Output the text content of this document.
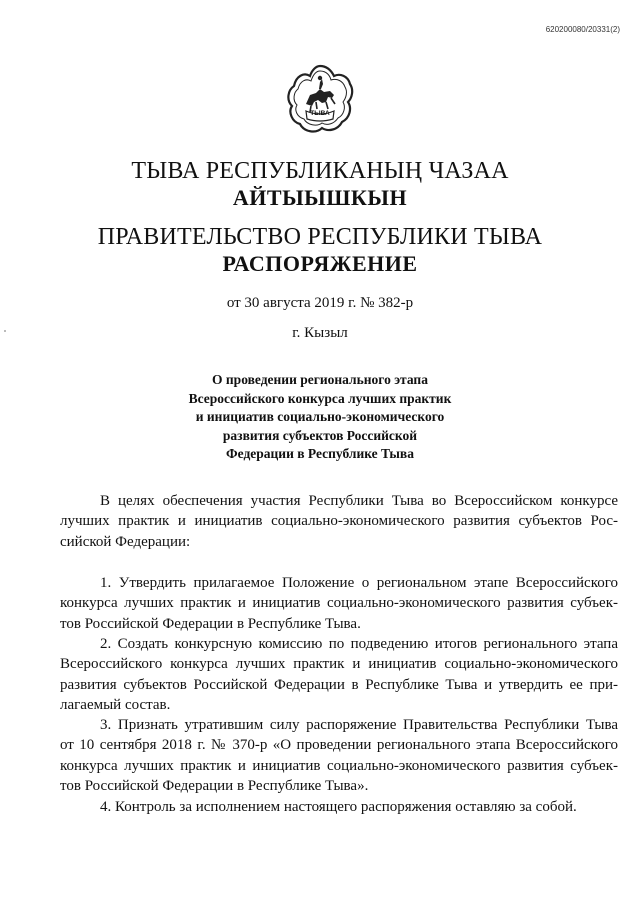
620200080/20331(2)
ТЫВА
ТЫВА РЕСПУБЛИКАНЫҢ ЧАЗАА
АЙТЫЫШКЫН
ПРАВИТЕЛЬСТВО РЕСПУБЛИКИ ТЫВА
РАСПОРЯЖЕНИЕ
от 30 августа 2019 г. № 382-р
г. Кызыл
О проведении регионального этапа
Всероссийского конкурса лучших практик
и инициатив социально-экономического
развития субъектов Российской
Федерации в Республике Тыва
В целях обеспечения участия Республики Тыва во Всероссийском конкурсе
лучших практик и инициатив социально-экономического развития субъектов Рос-
сийской Федерации:
1. Утвердить прилагаемое Положение о региональном этапе Всероссийского
конкурса лучших практик и инициатив социально-экономического развития субъек-
тов Российской Федерации в Республике Тыва.
2. Создать конкурсную комиссию по подведению итогов регионального этапа
Всероссийского конкурса лучших практик и инициатив социально-экономического
развития субъектов Российской Федерации в Республике Тыва и утвердить ее при-
лагаемый состав.
3. Признать утратившим силу распоряжение Правительства Республики Тыва
от 10 сентября 2018 г. № 370-р «О проведении регионального этапа Всероссийского
конкурса лучших практик и инициатив социально-экономического развития субъек-
тов Российской Федерации в Республике Тыва».
4. Контроль за исполнением настоящего распоряжения оставляю за собой.
